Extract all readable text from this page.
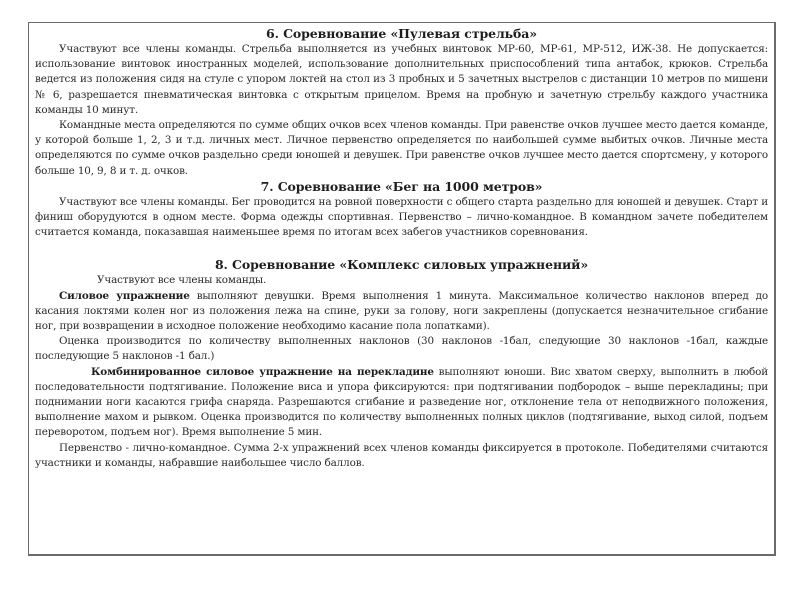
6. Соревнование «Пулевая стрельба»

Участвуют все члены команды. Стрельба выполняется из учебных винтовок МР-60, МР-61, МР-512, ИЖ-38. Не допускается: использование винтовок иностранных моделей, использование дополнительных приспособлений типа антабок, крюков. Стрельба ведется из положения сидя на стуле с упором локтей на стол из 3 пробных и 5 зачетных выстрелов с дистанции 10 метров по мишени № 6, разрешается пневматическая винтовка с открытым прицелом. Время на пробную и зачетную стрельбу каждого участника команды 10 минут.

Командные места определяются по сумме общих очков всех членов команды. При равенстве очков лучшее место дается команде, у которой больше 1, 2, 3 и т.д. личных мест. Личное первенство определяется по наибольшей сумме выбитых очков. Личные места определяются по сумме очков раздельно среди юношей и девушек. При равенстве очков лучшее место дается спортсмену, у которого больше 10, 9, 8 и т. д. очков.

7. Соревнование «Бег на 1000 метров»

Участвуют все члены команды. Бег проводится на ровной поверхности с общего старта раздельно для юношей и девушек. Старт и финиш оборудуются в одном месте. Форма одежды спортивная. Первенство – лично-командное. В командном зачете победителем считается команда, показавшая наименьшее время по итогам всех забегов участников соревнования.

8. Соревнование «Комплекс силовых упражнений»

Участвуют все члены команды.

Силовое упражнение выполняют девушки. Время выполнения 1 минута. Максимальное количество наклонов вперед до касания локтями колен ног из положения лежа на спине, руки за голову, ноги закреплены (допускается незначительное сгибание ног, при возвращении в исходное положение необходимо касание пола лопатками).

Оценка производится по количеству выполненных наклонов (30 наклонов -1бал, следующие 30 наклонов -1бал, каждые последующие 5 наклонов -1 бал.)

Комбинированное силовое упражнение на перекладине выполняют юноши. Вис хватом сверху, выполнить в любой последовательности подтягивание. Положение виса и упора фиксируются: при подтягивании подбородок – выше перекладины; при поднимании ноги касаются грифа снаряда. Разрешаются сгибание и разведение ног, отклонение тела от неподвижного положения, выполнение махом и рывком. Оценка производится по количеству выполненных полных циклов (подтягивание, выход силой, подъем переворотом, подъем ног). Время выполнение 5 мин.

Первенство - лично-командное. Сумма 2-х упражнений всех членов команды фиксируется в протоколе. Победителями считаются участники и команды, набравшие наибольшее число баллов.
